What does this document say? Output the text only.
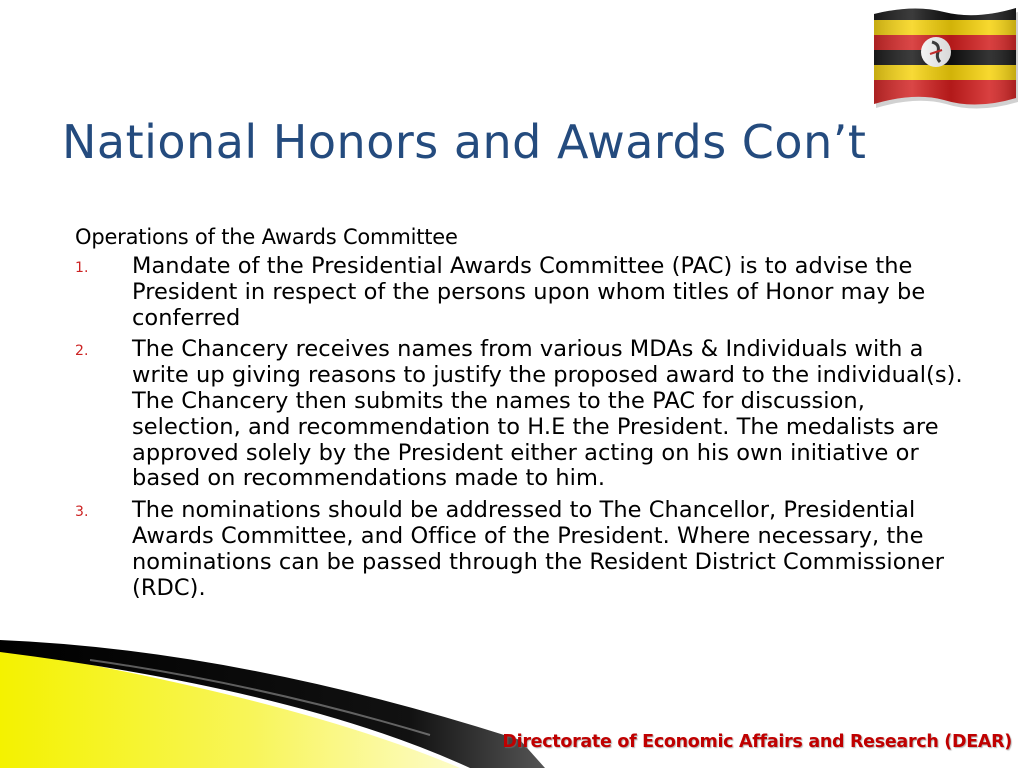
National Honors and Awards Con’t
Operations of the Awards Committee
1. Mandate of the Presidential Awards Committee (PAC) is to advise the President in respect of the persons upon whom titles of Honor may be conferred
2. The Chancery receives names from various MDAs & Individuals with a write up giving reasons to justify the proposed award to the individual(s). The Chancery then submits the names to the PAC for discussion, selection, and recommendation to H.E the President. The medalists are approved solely by the President either acting on his own initiative or based on recommendations made to him.
3. The nominations should be addressed to The Chancellor, Presidential Awards Committee, and Office of the President. Where necessary, the nominations can be passed through the Resident District Commissioner (RDC).
Directorate of Economic Affairs and Research (DEAR)
